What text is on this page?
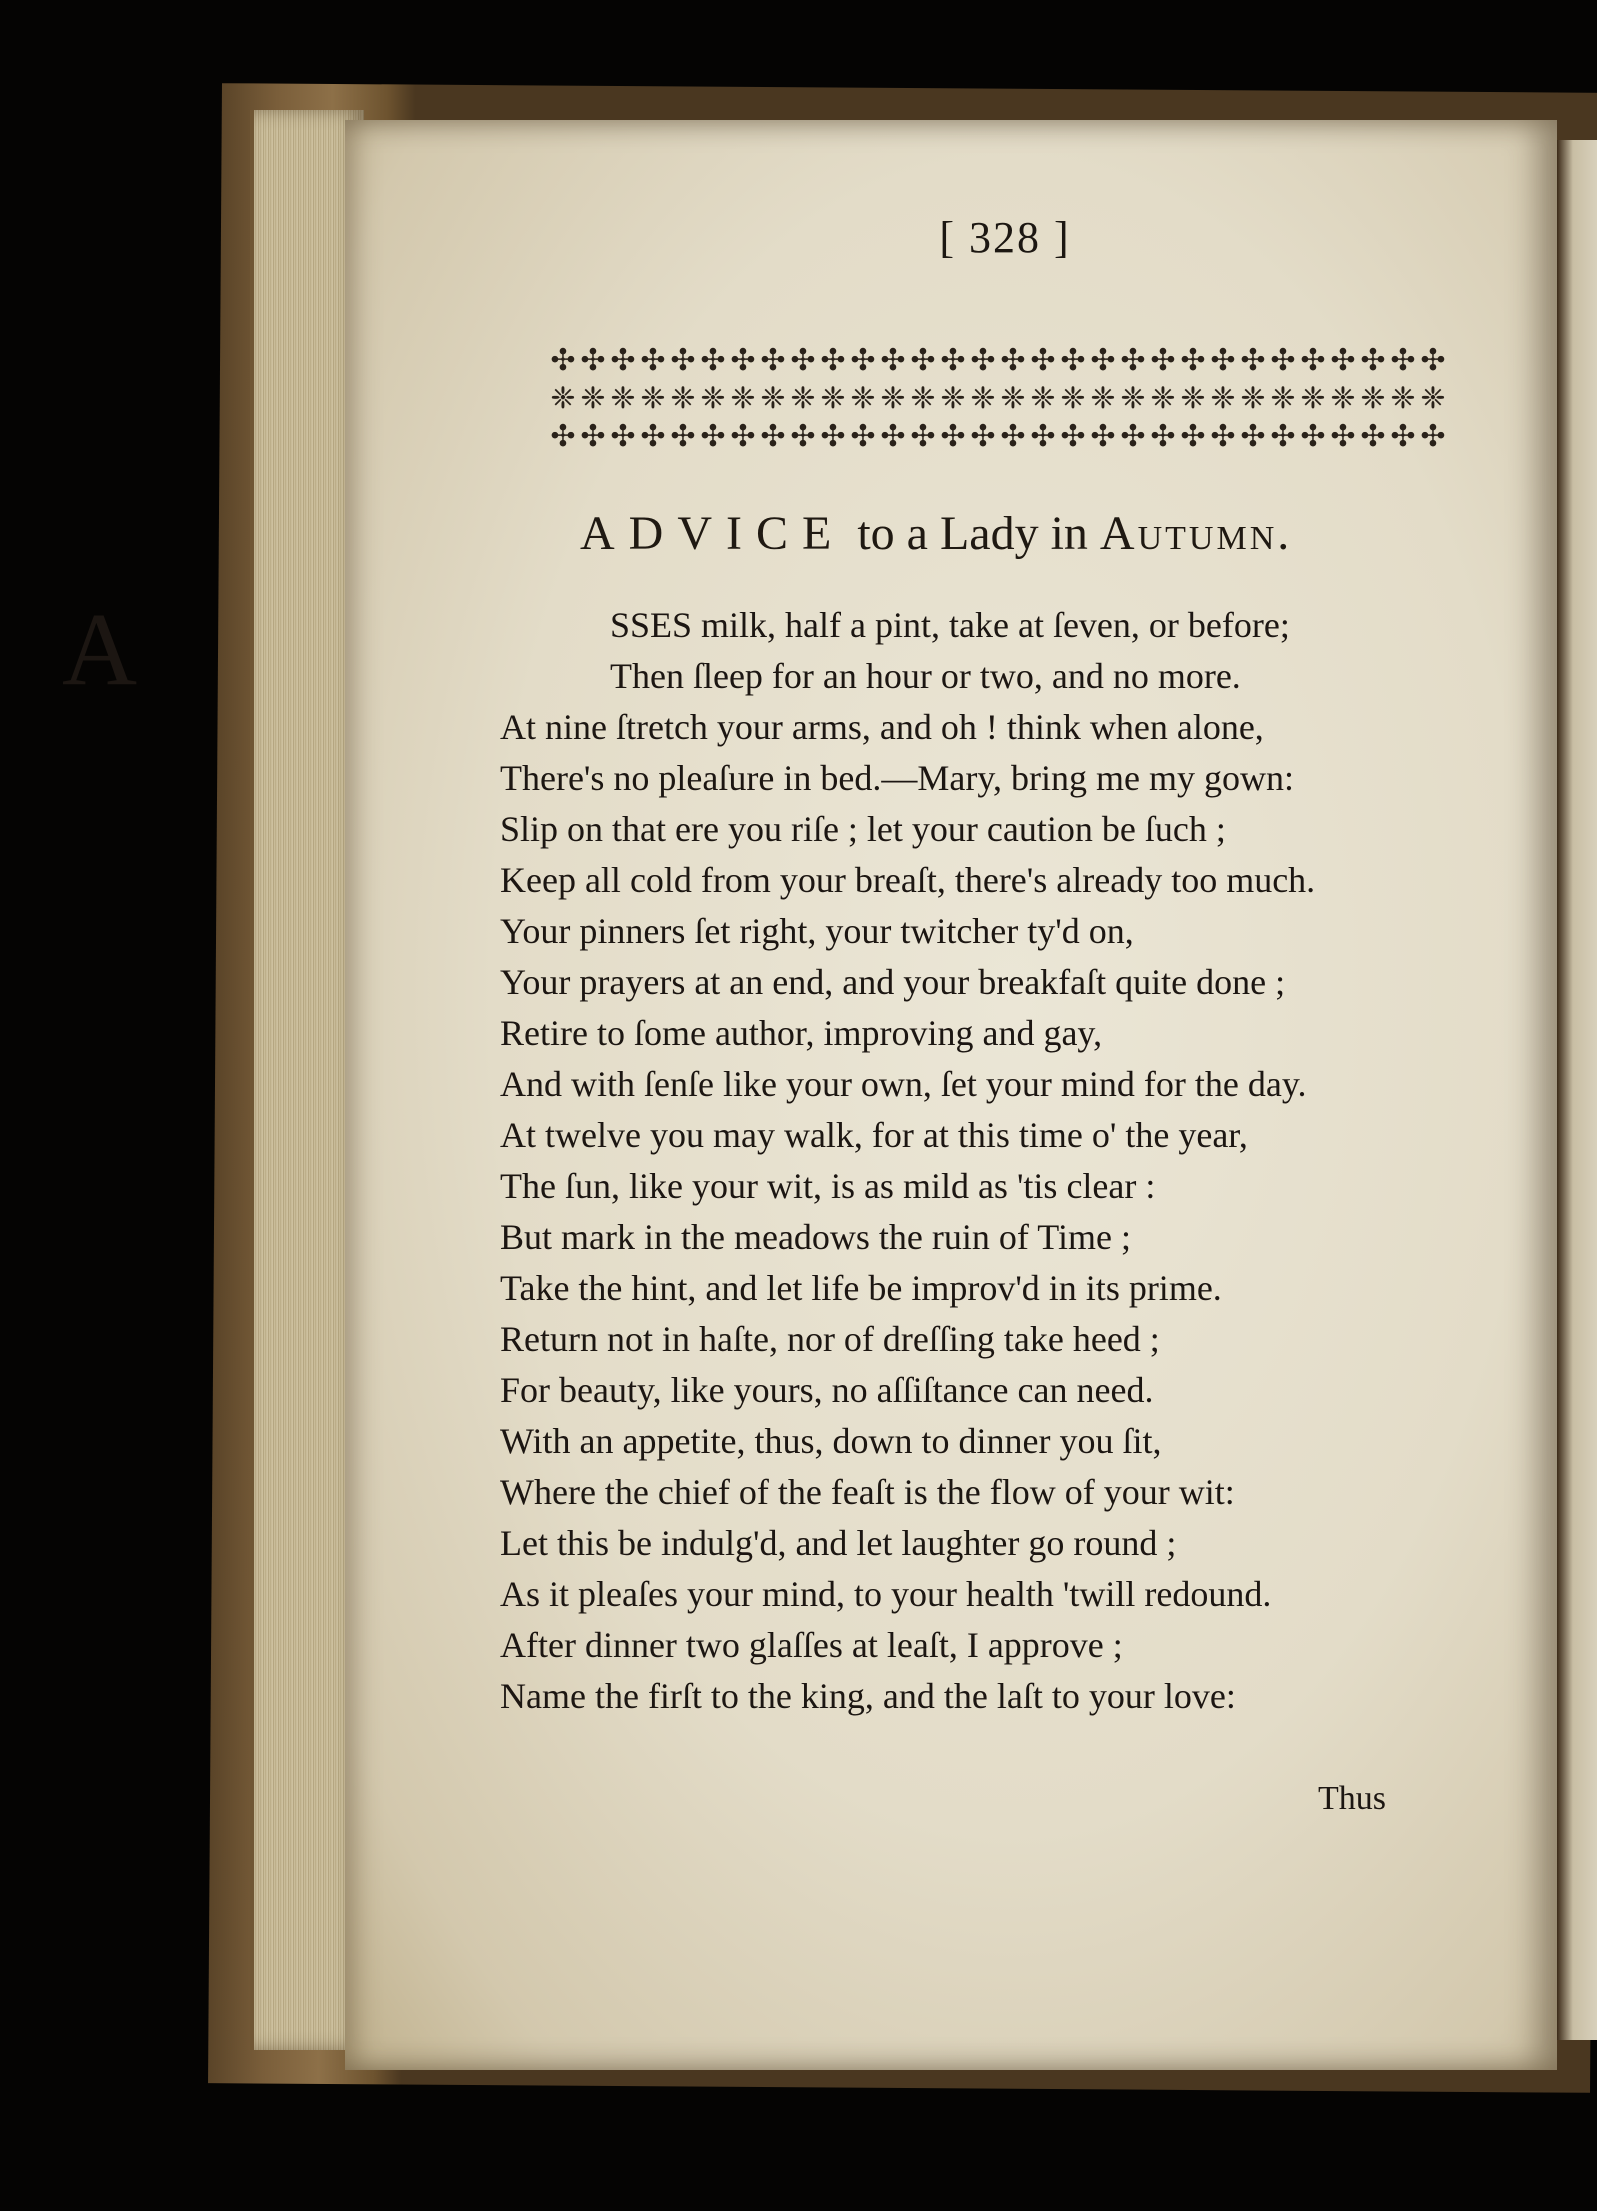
[ 328 ]
✣
❈
✣
✣
❈
✣
✣
❈
✣
✣
❈
✣
✣
❈
✣
✣
❈
✣
✣
❈
✣
✣
❈
✣
✣
❈
✣
✣
❈
✣
✣
❈
✣
✣
❈
✣
✣
❈
✣
✣
❈
✣
✣
❈
✣
✣
❈
✣
✣
❈
✣
✣
❈
✣
✣
❈
✣
✣
❈
✣
✣
❈
✣
✣
❈
✣
✣
❈
✣
✣
❈
✣
✣
❈
✣
✣
❈
✣
✣
❈
✣
✣
❈
✣
✣
❈
✣
✣
❈
✣
ADVICE to a Lady in Autumn.
A	SSES milk, half a pint, take at ſeven, or before;
Then ſleep for an hour or two, and no more.
At nine ſtretch your arms, and oh ! think when alone,
There's no pleaſure in bed.—Mary, bring me my gown:
Slip on that ere you riſe ; let your caution be ſuch ;
Keep all cold from your breaſt, there's already too much.
Your pinners ſet right, your twitcher ty'd on,
Your prayers at an end, and your breakfaſt quite done ;
Retire to ſome author, improving and gay,
And with ſenſe like your own, ſet your mind for the day.
At twelve you may walk, for at this time o' the year,
The ſun, like your wit, is as mild as 'tis clear :
But mark in the meadows the ruin of Time ;
Take the hint, and let life be improv'd in its prime.
Return not in haſte, nor of dreſſing take heed ;
For beauty, like yours, no aſſiſtance can need.
With an appetite, thus, down to dinner you ſit,
Where the chief of the feaſt is the flow of your wit:
Let this be indulg'd, and let laughter go round ;
As it pleaſes your mind, to your health 'twill redound.
After dinner two glaſſes at leaſt, I approve ;
Name the firſt to the king, and the laſt to your love:
Thus
